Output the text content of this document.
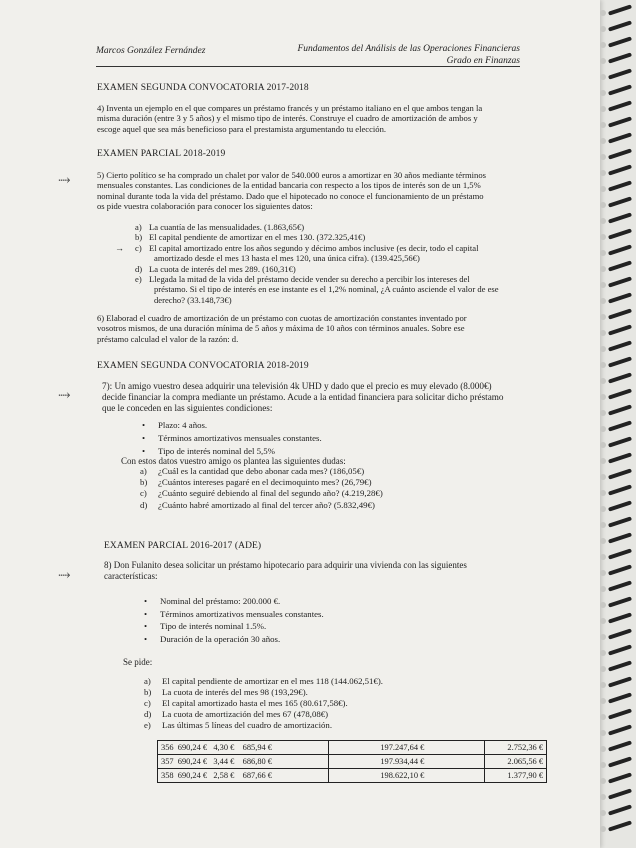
Marcos González Fernández	Fundamentos del Análisis de las Operaciones Financieras
Grado en Finanzas
EXAMEN SEGUNDA CONVOCATORIA 2017-2018
4) Inventa un ejemplo en el que compares un préstamo francés y un préstamo italiano en el que ambos tengan la
misma duración (entre 3 y 5 años) y el mismo tipo de interés. Construye el cuadro de amortización de ambos y
escoge aquel que sea más beneficioso para el prestamista argumentando tu elección.
EXAMEN PARCIAL 2018-2019
⤑	5) Cierto político se ha comprado un chalet por valor de 540.000 euros a amortizar en 30 años mediante términos
mensuales constantes. Las condiciones de la entidad bancaria con respecto a los tipos de interés son de un 1,5%
nominal durante toda la vida del préstamo. Dado que el hipotecado no conoce el funcionamiento de un préstamo
os pide vuestra colaboración para conocer los siguientes datos:
a) La cuantía de las mensualidades. (1.863,65€)
b) El capital pendiente de amortizar en el mes 130. (372.325,41€)
c) El capital amortizado entre los años segundo y décimo ambos inclusive (es decir, todo el capital
amortizado desde el mes 13 hasta el mes 120, una única cifra). (139.425,56€)
d) La cuota de interés del mes 289. (160,31€)
e) Llegada la mitad de la vida del préstamo decide vender su derecho a percibir los intereses del
préstamo. Si el tipo de interés en ese instante es el 1,2% nominal, ¿A cuánto asciende el valor de ese
derecho? (33.148,73€)
→
6) Elaborad el cuadro de amortización de un préstamo con cuotas de amortización constantes inventado por
vosotros mismos, de una duración mínima de 5 años y máxima de 10 años con términos anuales. Sobre ese
préstamo calculad el valor de la razón: d.
EXAMEN SEGUNDA CONVOCATORIA 2018-2019
⤑
7): Un amigo vuestro desea adquirir una televisión 4k UHD y dado que el precio es muy elevado (8.000€)
decide financiar la compra mediante un préstamo. Acude a la entidad financiera para solicitar dicho préstamo
que le conceden en las siguientes condiciones:
• Plazo: 4 años.
• Términos amortizativos mensuales constantes.
• Tipo de interés nominal del 5,5%
Con estos datos vuestro amigo os plantea las siguientes dudas:
a) ¿Cuál es la cantidad que debo abonar cada mes? (186,05€)
b) ¿Cuántos intereses pagaré en el decimoquinto mes? (26,79€)
c) ¿Cuánto seguiré debiendo al final del segundo año? (4.219,28€)
d) ¿Cuánto habré amortizado al final del tercer año? (5.832,49€)
EXAMEN PARCIAL 2016-2017 (ADE)
⤑
8) Don Fulanito desea solicitar un préstamo hipotecario para adquirir una vivienda con las siguientes
características:
• Nominal del préstamo: 200.000 €.
• Términos amortizativos mensuales constantes.
• Tipo de interés nominal 1.5%.
• Duración de la operación 30 años.
Se pide:
a) El capital pendiente de amortizar en el mes 118 (144.062,51€).
b) La cuota de interés del mes 98 (193,29€).
c) El capital amortizado hasta el mes 165 (80.617,58€).
d) La cuota de amortización del mes 67 (478,08€)
e) Las últimas 5 líneas del cuadro de amortización.
356 690,24 € 4,30 € 685,94 €	197.247,64 €	2.752,36 €
357 690,24 € 3,44 € 686,80 €	197.934,44 €	2.065,56 €
358 690,24 € 2,58 € 687,66 €	198.622,10 €	1.377,90 €
